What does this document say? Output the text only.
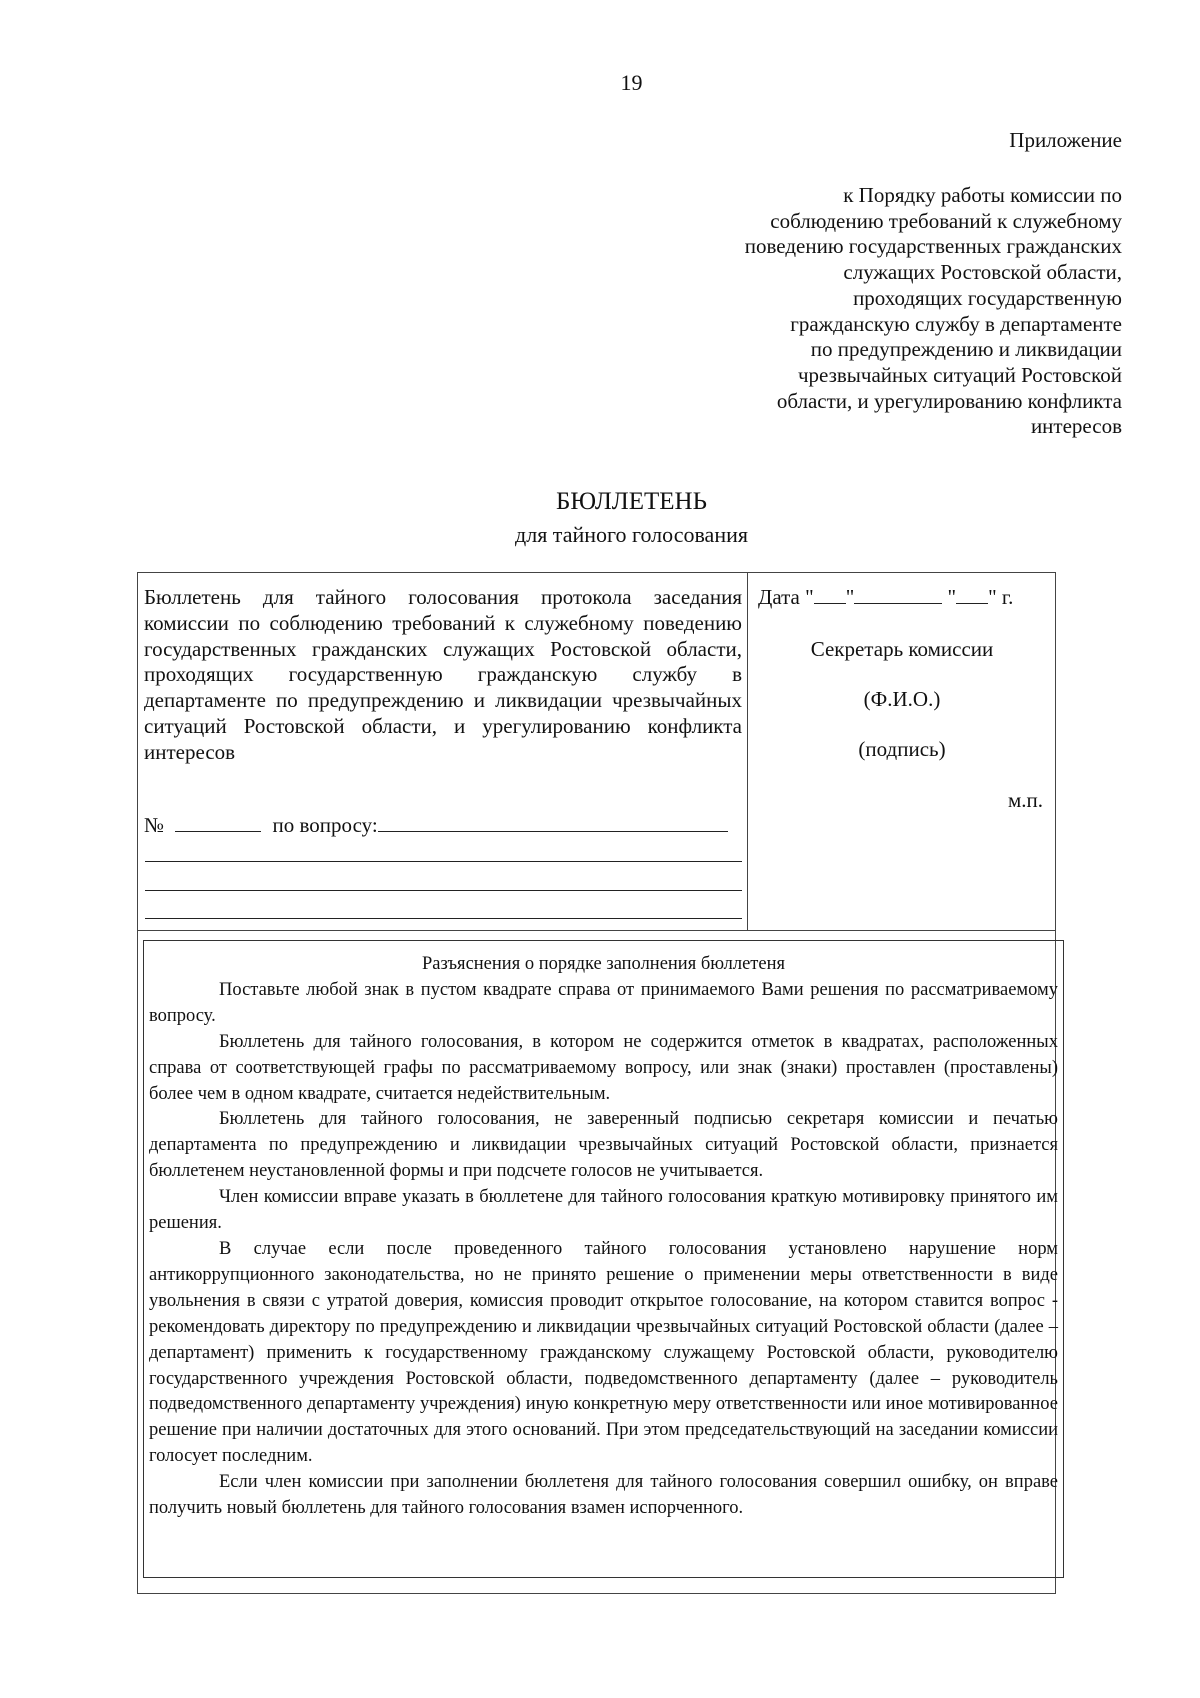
19
Приложение
к Порядку работы комиссии по
соблюдению требований к служебному
поведению государственных гражданских
служащих Ростовской области,
проходящих государственную
гражданскую службу в департаменте
по предупреждению и ликвидации
чрезвычайных ситуаций Ростовской
области, и урегулированию конфликта
интересов
БЮЛЛЕТЕНЬ
для тайного голосования
Бюллетень для тайного голосования протокола заседания комиссии по соблюдению требований к служебному поведению государственных гражданских служащих Ростовской области, проходящих государственную гражданскую службу в департаменте по предупреждению и ликвидации чрезвычайных ситуаций Ростовской области, и урегулированию конфликта интересов
№	по вопросу:
Дата " "	" " г.
Секретарь комиссии
(Ф.И.О.)
(подпись)
м.п.
Разъяснения о порядке заполнения бюллетеня

Поставьте любой знак в пустом квадрате справа от принимаемого Вами решения по рассматриваемому вопросу.

Бюллетень для тайного голосования, в котором не содержится отметок в квадратах, расположенных справа от соответствующей графы по рассматриваемому вопросу, или знак (знаки) проставлен (проставлены) более чем в одном квадрате, считается недействительным.

Бюллетень для тайного голосования, не заверенный подписью секретаря комиссии и печатью департамента по предупреждению и ликвидации чрезвычайных ситуаций Ростовской области, признается бюллетенем неустановленной формы и при подсчете голосов не учитывается.

Член комиссии вправе указать в бюллетене для тайного голосования краткую мотивировку принятого им решения.

В случае если после проведенного тайного голосования установлено нарушение норм антикоррупционного законодательства, но не принято решение о применении меры ответственности в виде увольнения в связи с утратой доверия, комиссия проводит открытое голосование, на котором ставится вопрос - рекомендовать директору по предупреждению и ликвидации чрезвычайных ситуаций Ростовской области (далее – департамент) применить к государственному гражданскому служащему Ростовской области, руководителю государственного учреждения Ростовской области, подведомственного департаменту (далее – руководитель подведомственного департаменту учреждения) иную конкретную меру ответственности или иное мотивированное решение при наличии достаточных для этого оснований. При этом председательствующий на заседании комиссии голосует последним.

Если член комиссии при заполнении бюллетеня для тайного голосования совершил ошибку, он вправе получить новый бюллетень для тайного голосования взамен испорченного.
